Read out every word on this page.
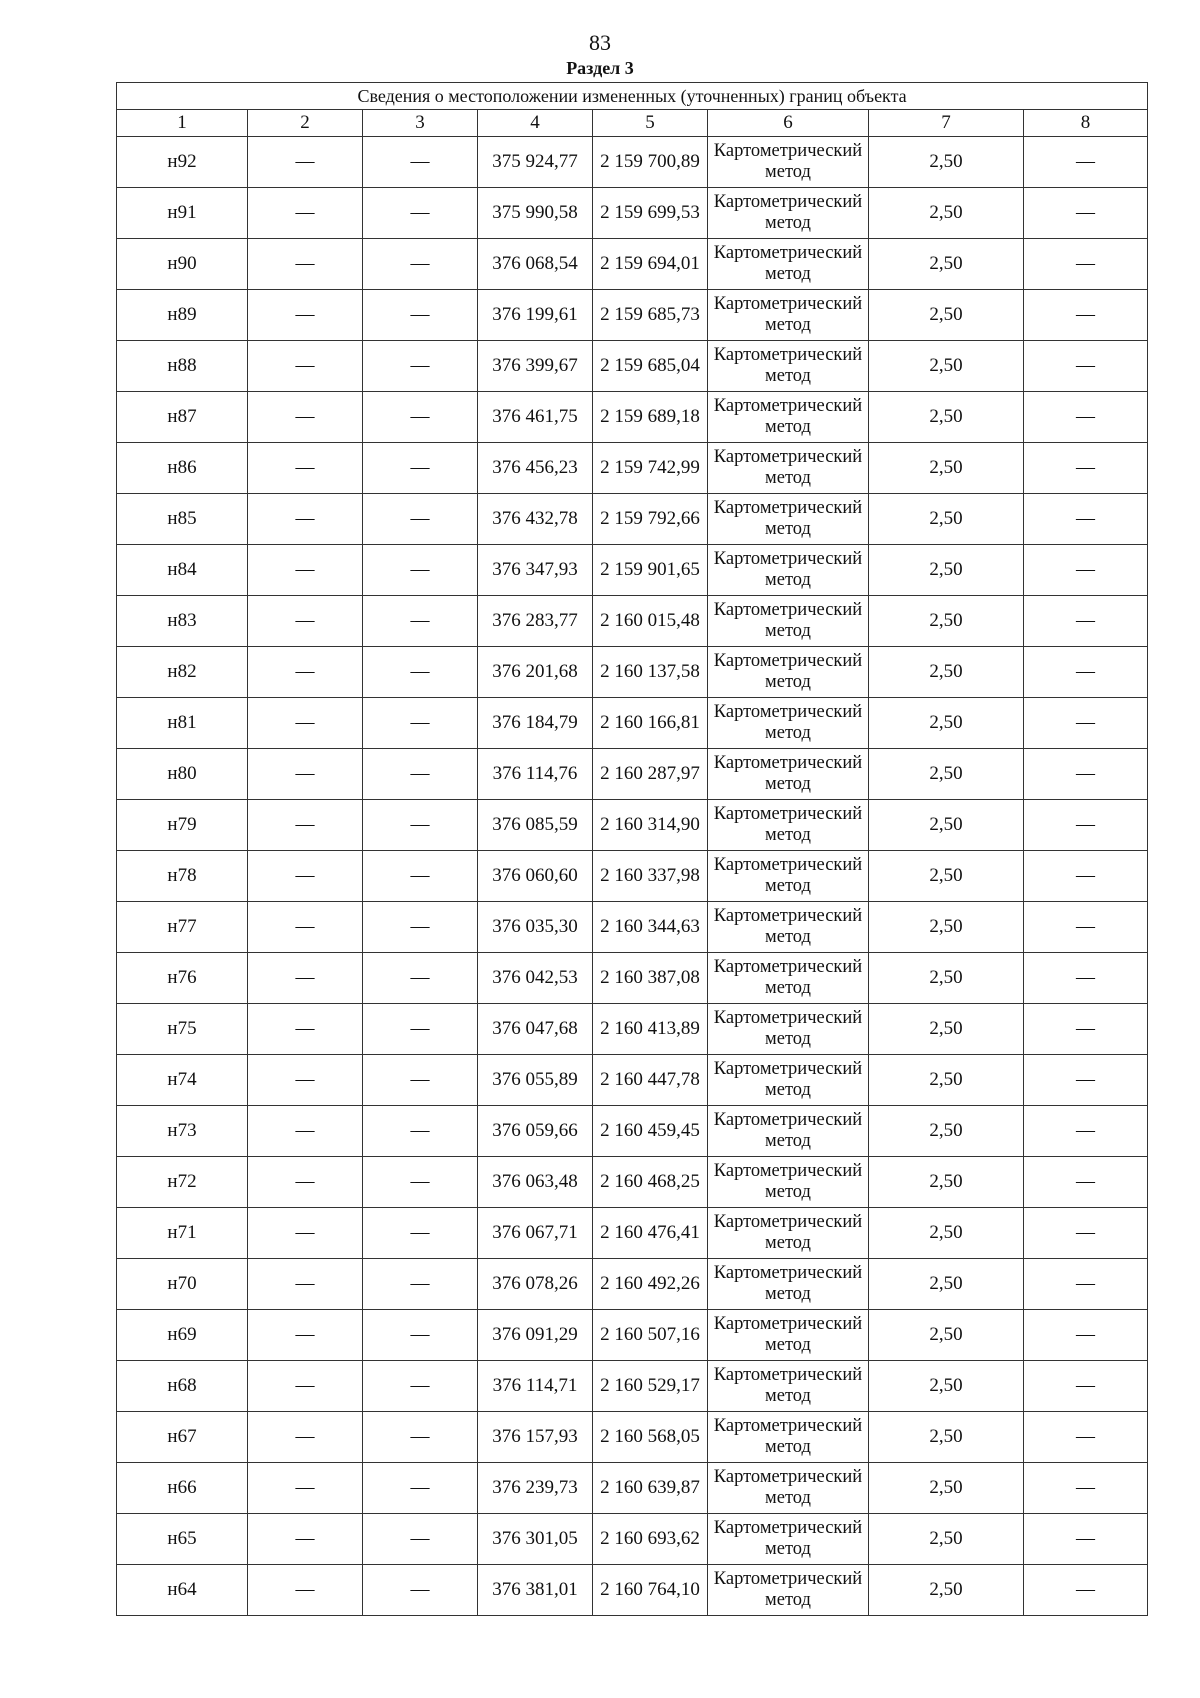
83
Раздел 3
Сведения о местоположении измененных (уточненных) границ объекта							
1	2	3	4	5	6	7	8
н92	—	—	375 924,77	2 159 700,89	Картометрический метод	2,50	—
н91	—	—	375 990,58	2 159 699,53	Картометрический метод	2,50	—
н90	—	—	376 068,54	2 159 694,01	Картометрический метод	2,50	—
н89	—	—	376 199,61	2 159 685,73	Картометрический метод	2,50	—
н88	—	—	376 399,67	2 159 685,04	Картометрический метод	2,50	—
н87	—	—	376 461,75	2 159 689,18	Картометрический метод	2,50	—
н86	—	—	376 456,23	2 159 742,99	Картометрический метод	2,50	—
н85	—	—	376 432,78	2 159 792,66	Картометрический метод	2,50	—
н84	—	—	376 347,93	2 159 901,65	Картометрический метод	2,50	—
н83	—	—	376 283,77	2 160 015,48	Картометрический метод	2,50	—
н82	—	—	376 201,68	2 160 137,58	Картометрический метод	2,50	—
н81	—	—	376 184,79	2 160 166,81	Картометрический метод	2,50	—
н80	—	—	376 114,76	2 160 287,97	Картометрический метод	2,50	—
н79	—	—	376 085,59	2 160 314,90	Картометрический метод	2,50	—
н78	—	—	376 060,60	2 160 337,98	Картометрический метод	2,50	—
н77	—	—	376 035,30	2 160 344,63	Картометрический метод	2,50	—
н76	—	—	376 042,53	2 160 387,08	Картометрический метод	2,50	—
н75	—	—	376 047,68	2 160 413,89	Картометрический метод	2,50	—
н74	—	—	376 055,89	2 160 447,78	Картометрический метод	2,50	—
н73	—	—	376 059,66	2 160 459,45	Картометрический метод	2,50	—
н72	—	—	376 063,48	2 160 468,25	Картометрический метод	2,50	—
н71	—	—	376 067,71	2 160 476,41	Картометрический метод	2,50	—
н70	—	—	376 078,26	2 160 492,26	Картометрический метод	2,50	—
н69	—	—	376 091,29	2 160 507,16	Картометрический метод	2,50	—
н68	—	—	376 114,71	2 160 529,17	Картометрический метод	2,50	—
н67	—	—	376 157,93	2 160 568,05	Картометрический метод	2,50	—
н66	—	—	376 239,73	2 160 639,87	Картометрический метод	2,50	—
н65	—	—	376 301,05	2 160 693,62	Картометрический метод	2,50	—
н64	—	—	376 381,01	2 160 764,10	Картометрический метод	2,50	—
